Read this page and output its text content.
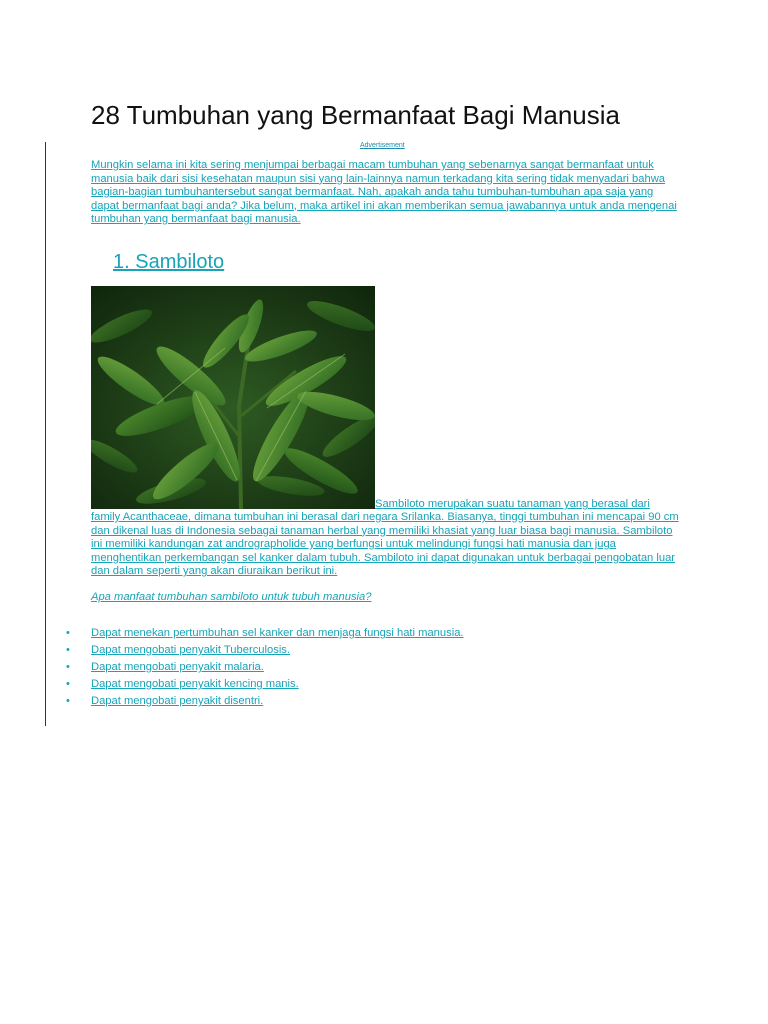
28 Tumbuhan yang Bermanfaat Bagi Manusia
Advertisement

Mungkin selama ini kita sering menjumpai berbagai macam tumbuhan yang sebenarnya sangat bermanfaat untuk manusia baik dari sisi kesehatan maupun sisi yang lain-lainnya namun terkadang kita sering tidak menyadari bahwa bagian-bagian tumbuhantersebut sangat bermanfaat. Nah, apakah anda tahu tumbuhan-tumbuhan apa saja yang dapat bermanfaat bagi anda? Jika belum, maka artikel ini akan memberikan semua jawabannya untuk anda mengenai tumbuhan yang bermanfaat bagi manusia.

1. Sambiloto
Sambiloto merupakan suatu tanaman yang berasal dari

family Acanthaceae, dimana tumbuhan ini berasal dari negara Srilanka. Biasanya, tinggi tumbuhan ini mencapai 90 cm dan dikenal luas di Indonesia sebagai tanaman herbal yang memiliki khasiat yang luar biasa bagi manusia. Sambiloto ini memiliki kandungan zat andrographolide yang berfungsi untuk melindungi fungsi hati manusia dan juga menghentikan perkembangan sel kanker dalam tubuh. Sambiloto ini dapat digunakan untuk berbagai pengobatan luar dan dalam seperti yang akan diuraikan berikut ini.

Apa manfaat tumbuhan sambiloto untuk tubuh manusia?

•	Dapat menekan pertumbuhan sel kanker dan menjaga fungsi hati manusia.
•	Dapat mengobati penyakit Tuberculosis.
•	Dapat mengobati penyakit malaria.
•	Dapat mengobati penyakit kencing manis.
•	Dapat mengobati penyakit disentri.
